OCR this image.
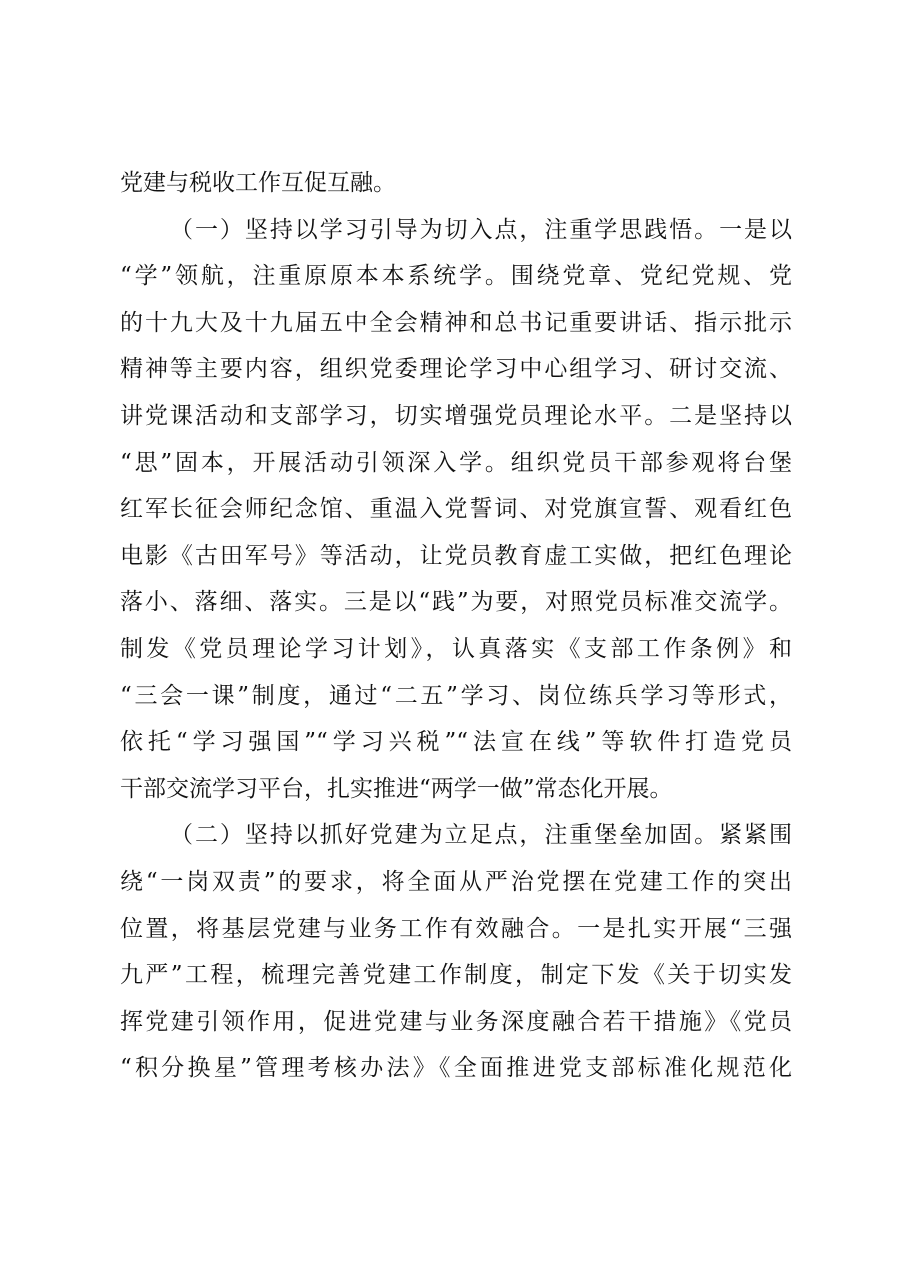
党建与税收工作互促互融。
（一）坚持以学习引导为切入点，注重学思践悟。一是以
“学”领航，注重原原本本系统学。围绕党章、党纪党规、党
的十九大及十九届五中全会精神和总书记重要讲话、指示批示
精神等主要内容，组织党委理论学习中心组学习、研讨交流、
讲党课活动和支部学习，切实增强党员理论水平。二是坚持以
“思”固本，开展活动引领深入学。组织党员干部参观将台堡
红军长征会师纪念馆、重温入党誓词、对党旗宣誓、观看红色
电影《古田军号》等活动，让党员教育虚工实做，把红色理论
落小、落细、落实。三是以“践”为要，对照党员标准交流学。
制发《党员理论学习计划》，认真落实《支部工作条例》和
“三会一课”制度，通过“二五”学习、岗位练兵学习等形式，
依托“学习强国”“学习兴税”“法宣在线”等软件打造党员
干部交流学习平台，扎实推进“两学一做”常态化开展。
（二）坚持以抓好党建为立足点，注重堡垒加固。紧紧围
绕“一岗双责”的要求，将全面从严治党摆在党建工作的突出
位置，将基层党建与业务工作有效融合。一是扎实开展“三强
九严”工程，梳理完善党建工作制度，制定下发《关于切实发
挥党建引领作用，促进党建与业务深度融合若干措施》《党员
“积分换星”管理考核办法》《全面推进党支部标准化规范化
